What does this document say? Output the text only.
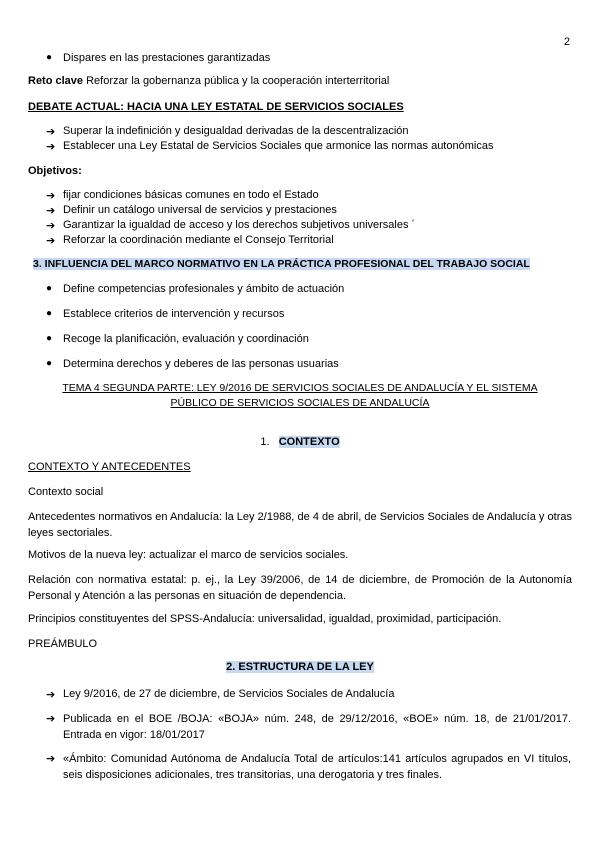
2
● Dispares en las prestaciones garantizadas
Reto clave Reforzar la gobernanza pública y la cooperación interterritorial
DEBATE ACTUAL: HACIA UNA LEY ESTATAL DE SERVICIOS SOCIALES
➔ Superar la indefinición y desigualdad derivadas de la descentralización
➔ Establecer una Ley Estatal de Servicios Sociales que armonice las normas autonómicas
Objetivos:
➔ fijar condiciones básicas comunes en todo el Estado
➔ Definir un catálogo universal de servicios y prestaciones
➔ Garantizar la igualdad de acceso y los derechos subjetivos universales ´
➔ Reforzar la coordinación mediante el Consejo Territorial
3. INFLUENCIA DEL MARCO NORMATIVO EN LA PRÁCTICA PROFESIONAL DEL TRABAJO SOCIAL
● Define competencias profesionales y ámbito de actuación
● Establece criterios de intervención y recursos
● Recoge la planificación, evaluación y coordinación
● Determina derechos y deberes de las personas usuarias
TEMA 4 SEGUNDA PARTE: LEY 9/2016 DE SERVICIOS SOCIALES DE ANDALUCÍA Y EL SISTEMA
PÚBLICO DE SERVICIOS SOCIALES DE ANDALUCÍA
1. CONTEXTO
CONTEXTO Y ANTECEDENTES
Contexto social
Antecedentes normativos en Andalucía: la Ley 2/1988, de 4 de abril, de Servicios Sociales de Andalucía y otras leyes sectoriales.
Motivos de la nueva ley: actualizar el marco de servicios sociales.
Relación con normativa estatal: p. ej., la Ley 39/2006, de 14 de diciembre, de Promoción de la Autonomía Personal y Atención a las personas en situación de dependencia.
Principios constituyentes del SPSS-Andalucía: universalidad, igualdad, proximidad, participación.
PREÁMBULO
2. ESTRUCTURA DE LA LEY
➔ Ley 9/2016, de 27 de diciembre, de Servicios Sociales de Andalucía
➔ Publicada en el BOE /BOJA: «BOJA» núm. 248, de 29/12/2016, «BOE» núm. 18, de 21/01/2017. Entrada en vigor: 18/01/2017
➔ «Ámbito: Comunidad Autónoma de Andalucía Total de artículos:141 artículos agrupados en VI títulos, seis disposiciones adicionales, tres transitorias, una derogatoria y tres finales.
